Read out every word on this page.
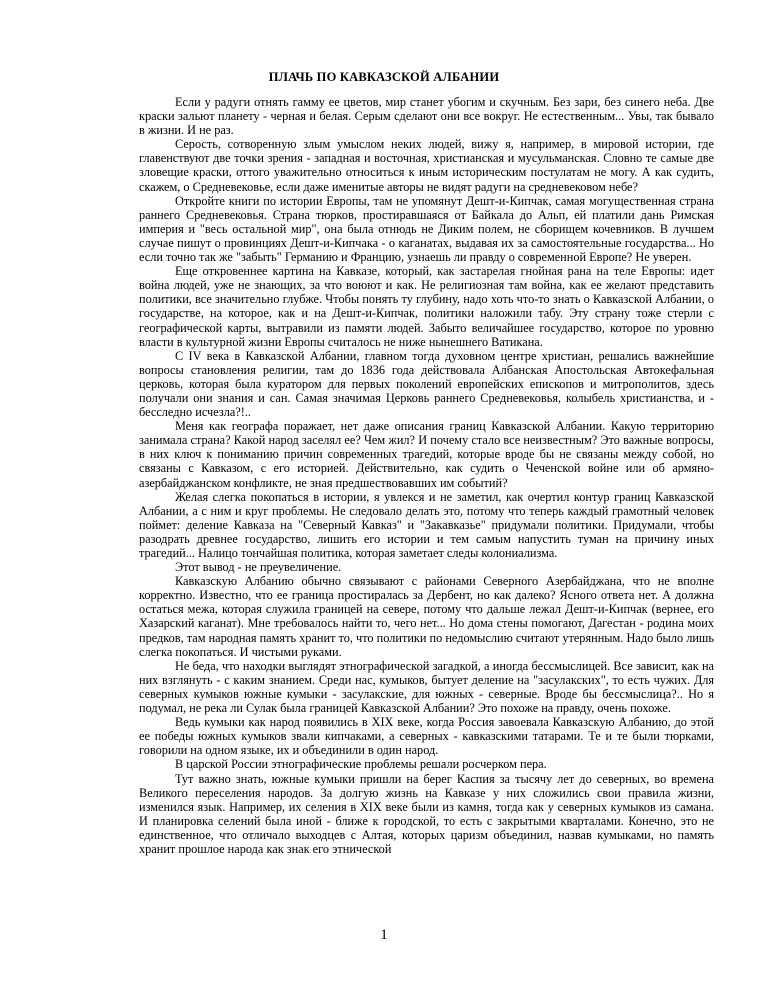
ПЛАЧЬ ПО КАВКАЗСКОЙ АЛБАНИИ

Если у радуги отнять гамму ее цветов, мир станет убогим и скучным. Без зари, без синего неба. Две краски зальют планету - черная и белая. Серым сделают они все вокруг. Не естественным... Увы, так бывало в жизни. И не раз.

Серость, сотворенную злым умыслом неких людей, вижу я, например, в мировой истории, где главенствуют две точки зрения - западная и восточная, христианская и мусульманская. Словно те самые две зловещие краски, оттого уважительно относиться к иным историческим постулатам не могу. А как судить, скажем, о Средневековье, если даже именитые авторы не видят радуги на средневековом небе?

Откройте книги по истории Европы, там не упомянут Дешт-и-Кипчак, самая могущественная страна раннего Средневековья. Страна тюрков, простиравшаяся от Байкала до Альп, ей платили дань Римская империя и "весь остальной мир", она была отнюдь не Диким полем, не сборищем кочевников. В лучшем случае пишут о провинциях Дешт-и-Кипчака - о каганатах, выдавая их за самостоятельные государства... Но если точно так же "забыть" Германию и Францию, узнаешь ли правду о современной Европе? Не уверен.

Еще откровеннее картина на Кавказе, который, как застарелая гнойная рана на теле Европы: идет война людей, уже не знающих, за что воюют и как. Не религиозная там война, как ее желают представить политики, все значительно глубже. Чтобы понять ту глубину, надо хоть что-то знать о Кавказской Албании, о государстве, на которое, как и на Дешт-и-Кипчак, политики наложили табу. Эту страну тоже стерли с географической карты, вытравили из памяти людей. Забыто величайшее государство, которое по уровню власти в культурной жизни Европы считалось не ниже нынешнего Ватикана.

С IV века в Кавказской Албании, главном тогда духовном центре христиан, решались важнейшие вопросы становления религии, там до 1836 года действовала Албанская Апостольская Автокефальная церковь, которая была куратором для первых поколений европейских епископов и митрополитов, здесь получали они знания и сан. Самая значимая Церковь раннего Средневековья, колыбель христианства, и - бесследно исчезла?!..

Меня как географа поражает, нет даже описания границ Кавказской Албании. Какую территорию занимала страна? Какой народ заселял ее? Чем жил? И почему стало все неизвестным? Это важные вопросы, в них ключ к пониманию причин современных трагедий, которые вроде бы не связаны между собой, но связаны с Кавказом, с его историей. Действительно, как судить о Чеченской войне или об армяно-азербайджанском конфликте, не зная предшествовавших им событий?

Желая слегка покопаться в истории, я увлекся и не заметил, как очертил контур границ Кавказской Албании, а с ним и круг проблемы. Не следовало делать это, потому что теперь каждый грамотный человек поймет: деление Кавказа на "Северный Кавказ" и "Закавказье" придумали политики. Придумали, чтобы разодрать древнее государство, лишить его истории и тем самым напустить туман на причину иных трагедий... Налицо тончайшая политика, которая заметает следы колониализма.

Этот вывод - не преувеличение.

Кавказскую Албанию обычно связывают с районами Северного Азербайджана, что не вполне корректно. Известно, что ее граница простиралась за Дербент, но как далеко? Ясного ответа нет. А должна остаться межа, которая служила границей на севере, потому что дальше лежал Дешт-и-Кипчак (вернее, его Хазарский каганат). Мне требовалось найти то, чего нет... Но дома стены помогают, Дагестан - родина моих предков, там народная память хранит то, что политики по недомыслию считают утерянным. Надо было лишь слегка покопаться. И чистыми руками.

Не беда, что находки выглядят этнографической загадкой, а иногда бессмыслицей. Все зависит, как на них взглянуть - с каким знанием. Среди нас, кумыков, бытует деление на "засулакских", то есть чужих. Для северных кумыков южные кумыки - засулакские, для южных - северные. Вроде бы бессмыслица?.. Но я подумал, не река ли Сулак была границей Кавказской Албании? Это похоже на правду, очень похоже.

Ведь кумыки как народ появились в XIX веке, когда Россия завоевала Кавказскую Албанию, до этой ее победы южных кумыков звали кипчаками, а северных - кавказскими татарами. Те и те были тюрками, говорили на одном языке, их и объединили в один народ.

В царской России этнографические проблемы решали росчерком пера.

Тут важно знать, южные кумыки пришли на берег Каспия за тысячу лет до северных, во времена Великого переселения народов. За долгую жизнь на Кавказе у них сложились свои правила жизни, изменился язык. Например, их селения в XIX веке были из камня, тогда как у северных кумыков из самана. И планировка селений была иной - ближе к городской, то есть с закрытыми кварталами. Конечно, это не единственное, что отличало выходцев с Алтая, которых царизм объединил, назвав кумыками, но память хранит прошлое народа как знак его этнической

1
